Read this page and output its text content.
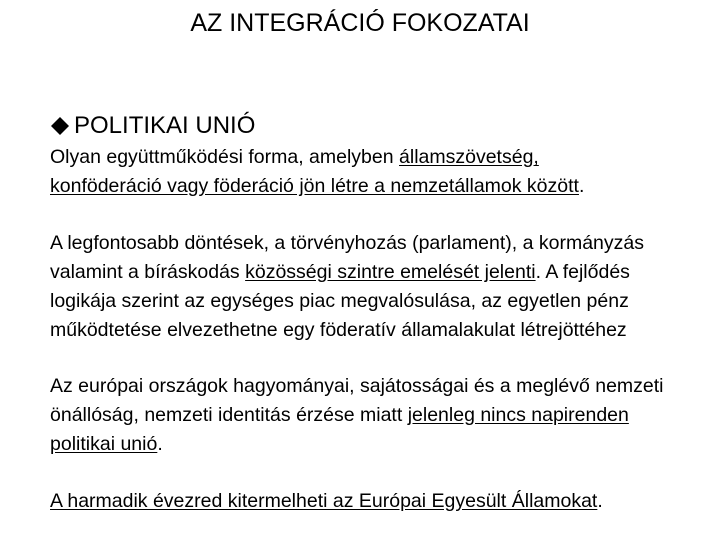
AZ INTEGRÁCIÓ FOKOZATAI
POLITIKAI UNIÓ
Olyan együttműködési forma, amelyben államszövetség,
konföderáció vagy föderáció jön létre a nemzetállamok között.
A legfontosabb döntések, a törvényhozás (parlament), a kormányzás
valamint a bíráskodás közösségi szintre emelését jelenti. A fejlődés
logikája szerint az egységes piac megvalósulása, az egyetlen pénz
működtetése elvezethetne egy föderatív államalakulat létrejöttéhez
Az európai országok hagyományai, sajátosságai és a meglévő nemzeti
önállóság, nemzeti identitás érzése miatt jelenleg nincs napirenden
politikai unió.
A harmadik évezred kitermelheti az Európai Egyesült Államokat.
